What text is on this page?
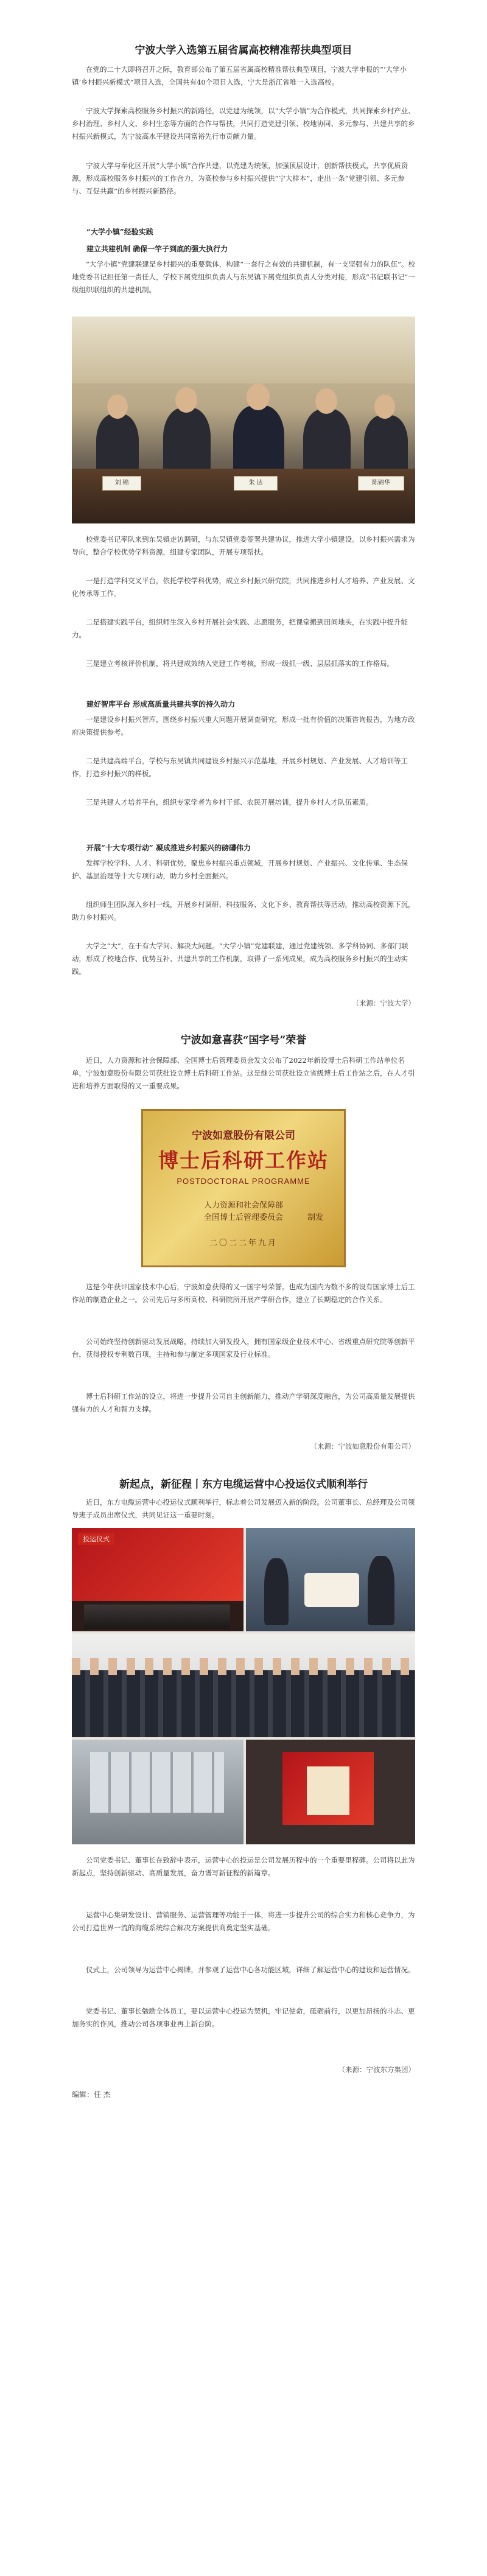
宁波大学入选第五届省属高校精准帮扶典型项目

在党的二十大即将召开之际，教育部公布了第五届省属高校精准帮扶典型项目，宁波大学申报的“‘大学小镇’乡村振兴新模式”项目入选，全国共有40个项目入选，宁大是浙江省唯一入选高校。

宁波大学探索高校服务乡村振兴的新路径，以党建为统领，以“大学小镇”为合作模式，共同探索乡村产业、乡村治理、乡村人文、乡村生态等方面的合作与帮扶，共同打造党建引领、校地协同、多元参与、共建共享的乡村振兴新模式，为宁波高水平建设共同富裕先行市贡献力量。

宁波大学与奉化区开展“大学小镇”合作共建，以党建为统领，加强顶层设计，创新帮扶模式，共享优质资源，形成高校服务乡村振兴的工作合力，为高校参与乡村振兴提供“宁大样本”，走出一条“党建引领、多元参与、互促共赢”的乡村振兴新路径。

“大学小镇”经验实践

建立共建机制 确保一竿子到底的强大执行力

“大学小镇”党建联建是乡村振兴的重要载体，构建“一套行之有效的共建机制，有一支坚强有力的队伍”。校地党委书记担任第一责任人，学校下属党组织负责人与东吴镇下属党组织负责人分类对接，形成“书记联书记”一级组织联组织的共建机制。

刘 锦	朱 达	陈锦华

校党委书记率队来到东吴镇走访调研，与东吴镇党委签署共建协议，推进大学小镇建设。以乡村振兴需求为导向，整合学校优势学科资源，组建专家团队，开展专项帮扶。

一是打造学科交叉平台，依托学校学科优势，成立乡村振兴研究院，共同推进乡村人才培养、产业发展、文化传承等工作。

二是搭建实践平台，组织师生深入乡村开展社会实践、志愿服务，把课堂搬到田间地头，在实践中提升能力。

三是建立考核评价机制，将共建成效纳入党建工作考核，形成一级抓一级、层层抓落实的工作格局。

建好智库平台 形成高质量共建共享的持久动力

一是建设乡村振兴智库，围绕乡村振兴重大问题开展调查研究，形成一批有价值的决策咨询报告，为地方政府决策提供参考。

二是共建高端平台，学校与东吴镇共同建设乡村振兴示范基地，开展乡村规划、产业发展、人才培训等工作，打造乡村振兴的样板。

三是共建人才培养平台，组织专家学者为乡村干部、农民开展培训，提升乡村人才队伍素质。

开展“十大专项行动” 凝成推进乡村振兴的磅礴伟力

发挥学校学科、人才、科研优势，聚焦乡村振兴重点领域，开展乡村规划、产业振兴、文化传承、生态保护、基层治理等十大专项行动，助力乡村全面振兴。

组织师生团队深入乡村一线，开展乡村调研、科技服务、文化下乡、教育帮扶等活动，推动高校资源下沉，助力乡村振兴。

大学之“大”，在于有大学问、解决大问题。“大学小镇”党建联建，通过党建统领、多学科协同、多部门联动，形成了校地合作、优势互补、共建共享的工作机制，取得了一系列成果，成为高校服务乡村振兴的生动实践。

（来源：宁波大学）
宁波如意喜获“国字号”荣誉

近日，人力资源和社会保障部、全国博士后管理委员会发文公布了2022年新设博士后科研工作站单位名单，宁波如意股份有限公司获批设立博士后科研工作站。这是继公司获批设立省级博士后工作站之后，在人才引进和培养方面取得的又一重要成果。

宁波如意股份有限公司
博士后科研工作站
POSTDOCTORAL PROGRAMME
人力资源和社会保障部
全国博士后管理委员会	制发
二〇二二年九月

这是今年获评国家技术中心后，宁波如意获得的又一国字号荣誉。也成为国内为数不多的设有国家博士后工作站的制造企业之一。公司先后与多所高校、科研院所开展产学研合作，建立了长期稳定的合作关系。

公司始终坚持创新驱动发展战略，持续加大研发投入，拥有国家级企业技术中心、省级重点研究院等创新平台，获得授权专利数百项，主持和参与制定多项国家及行业标准。

博士后科研工作站的设立，将进一步提升公司自主创新能力，推动产学研深度融合，为公司高质量发展提供强有力的人才和智力支撑。

（来源：宁波如意股份有限公司）
新起点，新征程丨东方电缆运营中心投运仪式顺利举行

近日，东方电缆运营中心投运仪式顺利举行，标志着公司发展迈入新的阶段。公司董事长、总经理及公司领导班子成员出席仪式，共同见证这一重要时刻。

投运仪式

公司党委书记、董事长在致辞中表示，运营中心的投运是公司发展历程中的一个重要里程碑。公司将以此为新起点，坚持创新驱动、高质量发展，奋力谱写新征程的新篇章。

运营中心集研发设计、营销服务、运营管理等功能于一体，将进一步提升公司的综合实力和核心竞争力，为公司打造世界一流的海缆系统综合解决方案提供商奠定坚实基础。

仪式上，公司领导为运营中心揭牌，并参观了运营中心各功能区域，详细了解运营中心的建设和运营情况。

党委书记、董事长勉励全体员工，要以运营中心投运为契机，牢记使命，砥砺前行，以更加昂扬的斗志、更加务实的作风，推动公司各项事业再上新台阶。

（来源：宁波东方集团）
编辑：任 杰
